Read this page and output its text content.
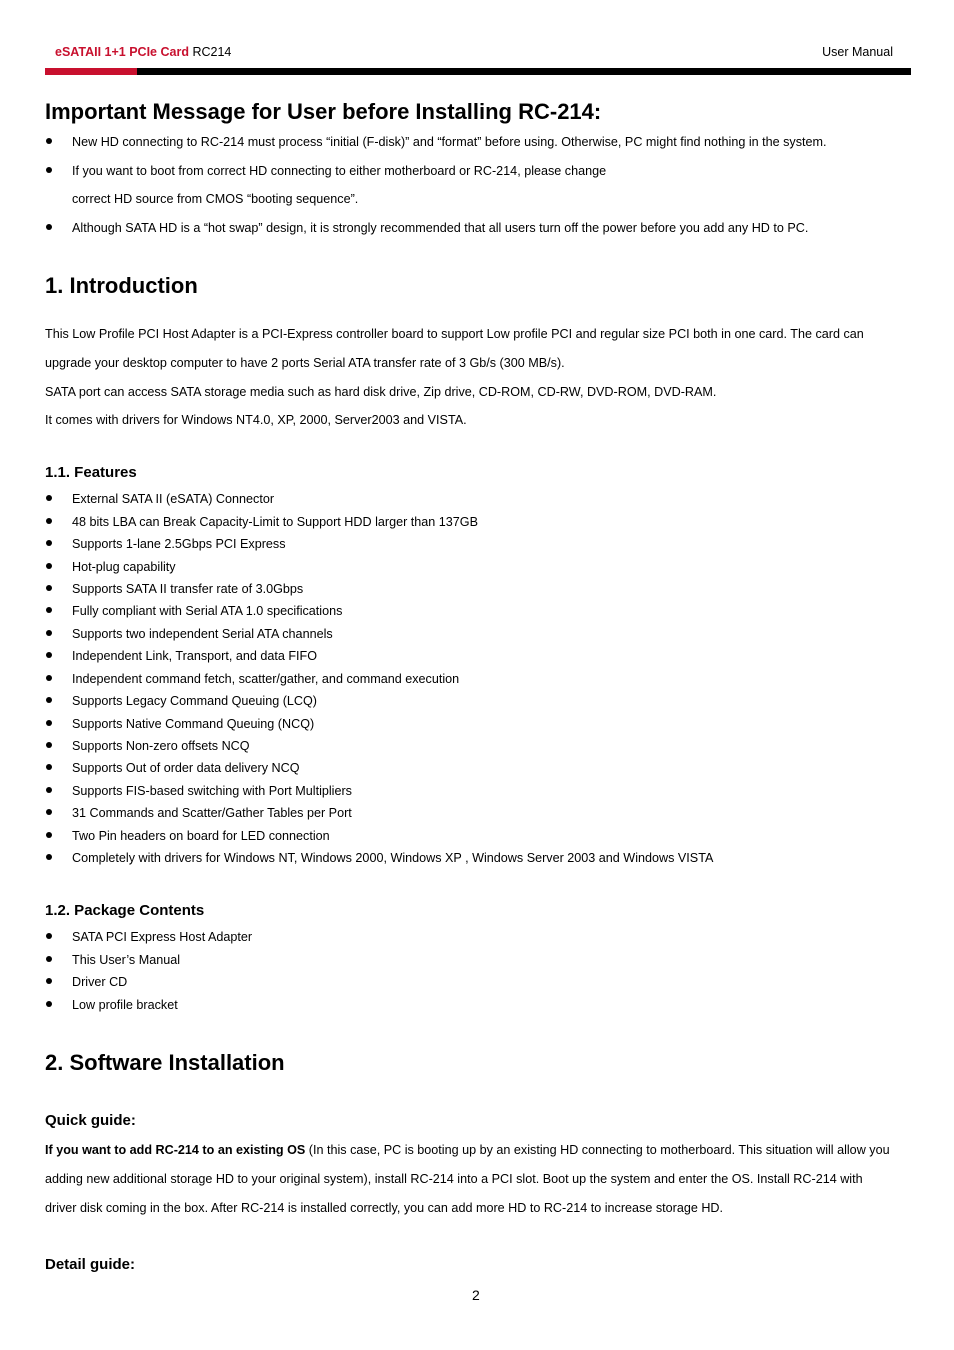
eSATAII 1+1 PCIe Card RC214	User Manual
Important Message for User before Installing RC-214:
New HD connecting to RC-214 must process “initial (F-disk)” and “format” before using. Otherwise, PC might find nothing in the system.
If you want to boot from correct HD connecting to either motherboard or RC-214, please change
correct HD source from CMOS “booting sequence”.
Although SATA HD is a “hot swap” design, it is strongly recommended that all users turn off the power before you add any HD to PC.
1. Introduction
This Low Profile PCI Host Adapter is a PCI-Express controller board to support Low profile PCI and regular size PCI both in one card. The card can
upgrade your desktop computer to have 2 ports Serial ATA transfer rate of 3 Gb/s (300 MB/s).
SATA port can access SATA storage media such as hard disk drive, Zip drive, CD-ROM, CD-RW, DVD-ROM, DVD-RAM.
It comes with drivers for Windows NT4.0, XP, 2000, Server2003 and VISTA.
1.1. Features
External SATA II (eSATA) Connector
48 bits LBA can Break Capacity-Limit to Support HDD larger than 137GB
Supports 1-lane 2.5Gbps PCI Express
Hot-plug capability
Supports SATA II transfer rate of 3.0Gbps
Fully compliant with Serial ATA 1.0 specifications
Supports two independent Serial ATA channels
Independent Link, Transport, and data FIFO
Independent command fetch, scatter/gather, and command execution
Supports Legacy Command Queuing (LCQ)
Supports Native Command Queuing (NCQ)
Supports Non-zero offsets NCQ
Supports Out of order data delivery NCQ
Supports FIS-based switching with Port Multipliers
31 Commands and Scatter/Gather Tables per Port
Two Pin headers on board for LED connection
Completely with drivers for Windows NT, Windows 2000, Windows XP , Windows Server 2003 and Windows VISTA
1.2. Package Contents
SATA PCI Express Host Adapter
This User’s Manual
Driver CD
Low profile bracket
2. Software Installation
Quick guide:
If you want to add RC-214 to an existing OS (In this case, PC is booting up by an existing HD connecting to motherboard. This situation will allow you
adding new additional storage HD to your original system), install RC-214 into a PCI slot. Boot up the system and enter the OS. Install RC-214 with
driver disk coming in the box. After RC-214 is installed correctly, you can add more HD to RC-214 to increase storage HD.
Detail guide:
2
